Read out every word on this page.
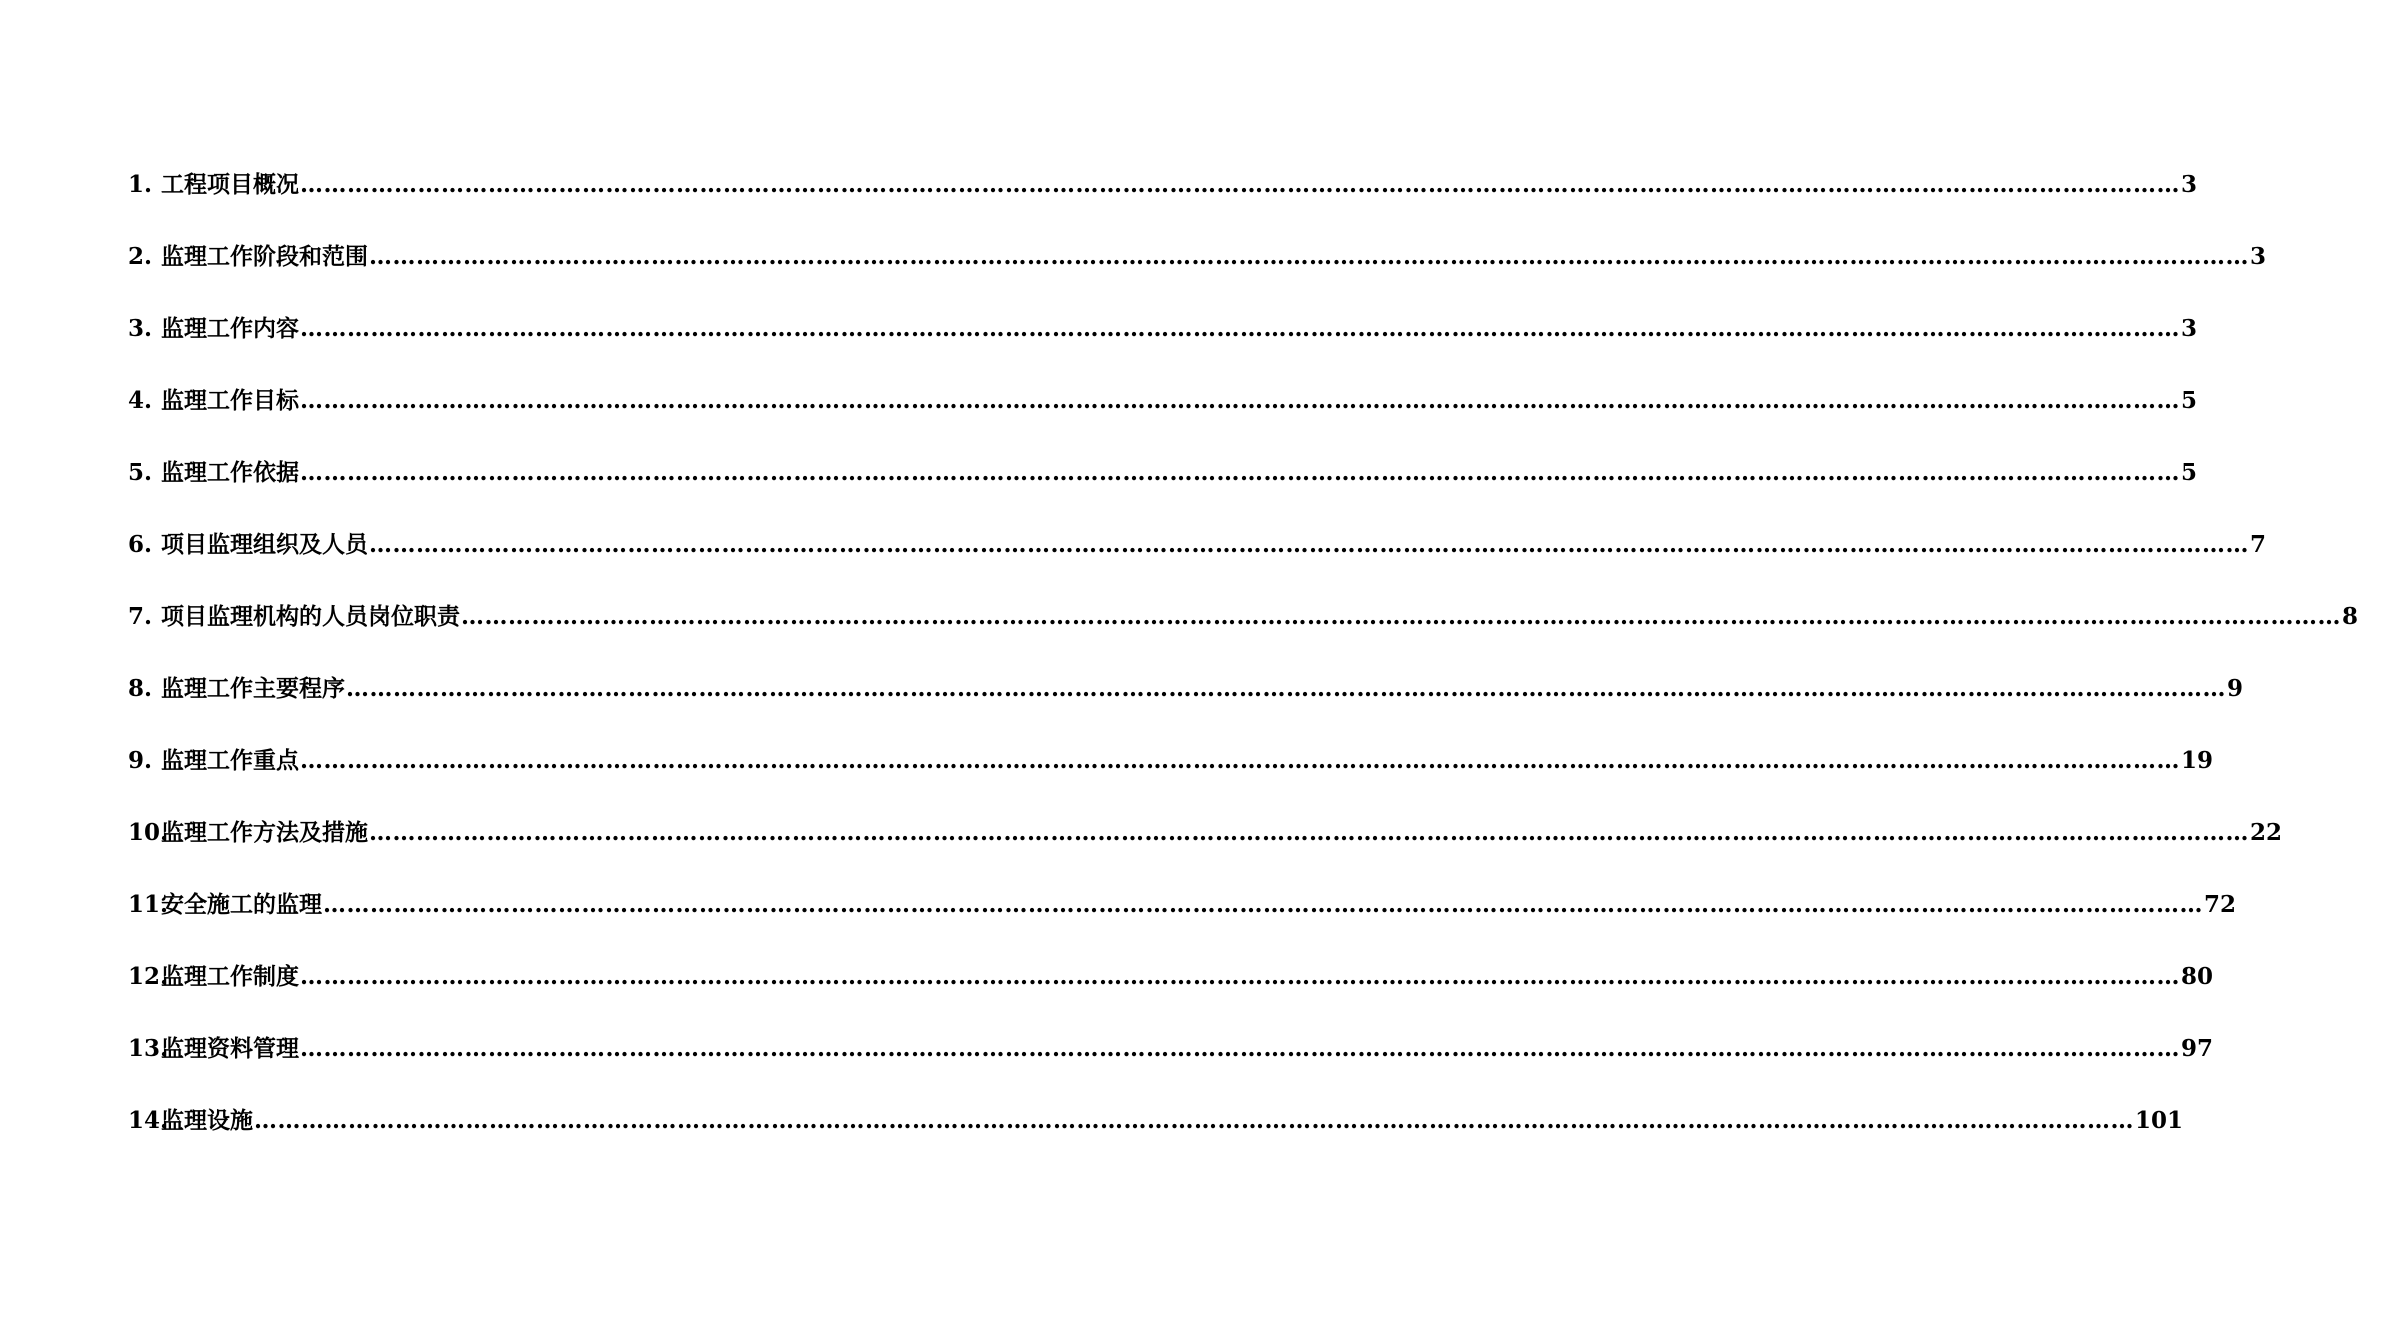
1. 工程项目概况 …………………………………………………………………………………………………………………………………………………………………………………………………………………… 3
2. 监理工作阶段和范围 …………………………………………………………………………………………………………………………………………………………………………………………………………………… 3
3. 监理工作内容 …………………………………………………………………………………………………………………………………………………………………………………………………………………… 3
4. 监理工作目标 …………………………………………………………………………………………………………………………………………………………………………………………………………………… 5
5. 监理工作依据 …………………………………………………………………………………………………………………………………………………………………………………………………………………… 5
6. 项目监理组织及人员 …………………………………………………………………………………………………………………………………………………………………………………………………………………… 7
7. 项目监理机构的人员岗位职责 …………………………………………………………………………………………………………………………………………………………………………………………………………………… 8
8. 监理工作主要程序 …………………………………………………………………………………………………………………………………………………………………………………………………………………… 9
9. 监理工作重点 …………………………………………………………………………………………………………………………………………………………………………………………………………………… 19
10.
监理工作方法及措施 …………………………………………………………………………………………………………………………………………………………………………………………………………………… 22
11.
安全施工的监理 …………………………………………………………………………………………………………………………………………………………………………………………………………………… 72
12.
监理工作制度 …………………………………………………………………………………………………………………………………………………………………………………………………………………… 80
13.
监理资料管理 …………………………………………………………………………………………………………………………………………………………………………………………………………………… 97
14.
监理设施 …………………………………………………………………………………………………………………………………………………………………………………………………………………… 101
